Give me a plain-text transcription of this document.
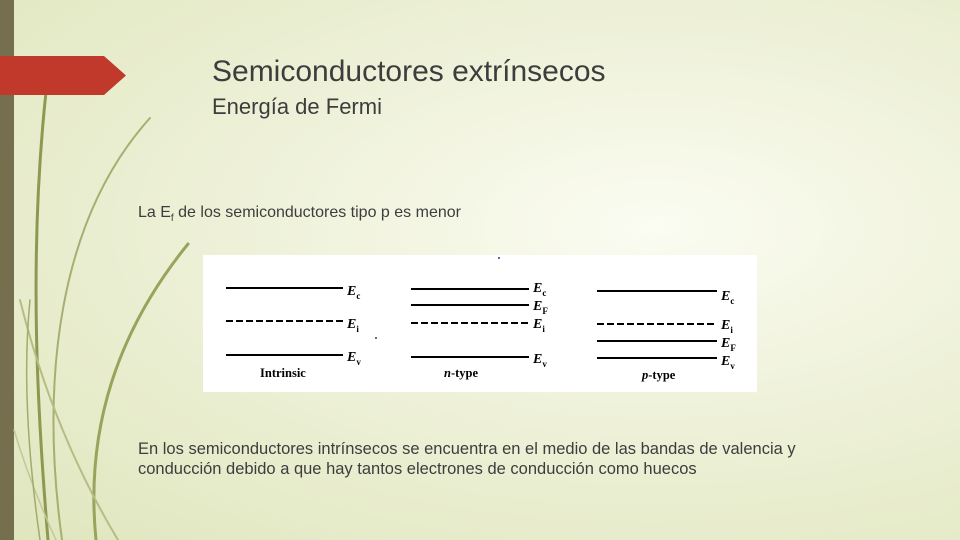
Semiconductores extrínsecos
Energía de Fermi
La $E_f$ de los semiconductores tipo p es menor
$E_c$
$E_i$
$E_v$
Intrinsic
$E_c$
$E_F$
$E_i$
$E_v$
n-type
$E_c$
$E_i$
$E_F$
$E_v$
p-type
En los semiconductores intrínsecos se encuentra en el medio de las bandas de valencia y conducción debido a que hay tantos electrones de conducción como huecos
